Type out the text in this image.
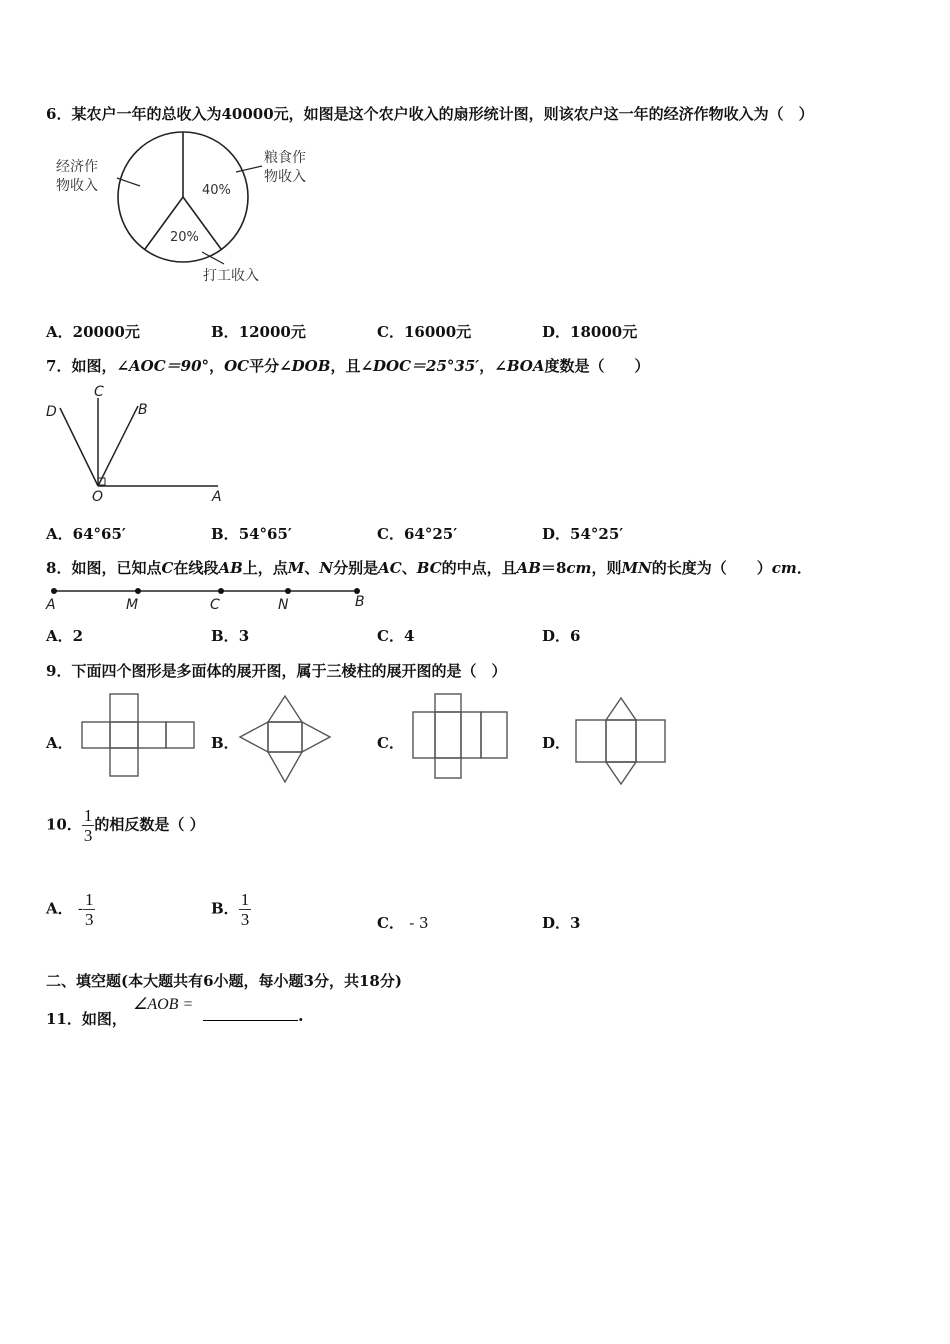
6．某农户一年的总收入为40000元，如图是这个农户收入的扇形统计图，则该农户这一年的经济作物收入为（　）
经济作
物收入
粮食作
物收入
打工收入
40%
20%
A．20000元	B．12000元	C．16000元	D．18000元
7．如图，∠AOC＝90°，OC平分∠DOB，且∠DOC＝25°35′，∠BOA度数是（　　）
C
D	B
O	A
A．64°65′	B．54°65′	C．64°25′	D．54°25′
8．如图，已知点C在线段AB上，点M、N分别是AC、BC的中点，且AB＝8cm，则MN的长度为（　　）cm．
A	M	C	N	B
A．2	B．3	C．4	D．6
9．下面四个图形是多面体的展开图，属于三棱柱的展开图的是（　）
A．	B．	C．	D．
10． $\frac{1}{3}$ 的相反数是（ ）
A． - $\frac{1}{3}$	B． $\frac{1}{3}$	C． - 3	D．3
二、填空题(本大题共有6小题，每小题3分，共18分)
11．如图，
∠AOB =
.
